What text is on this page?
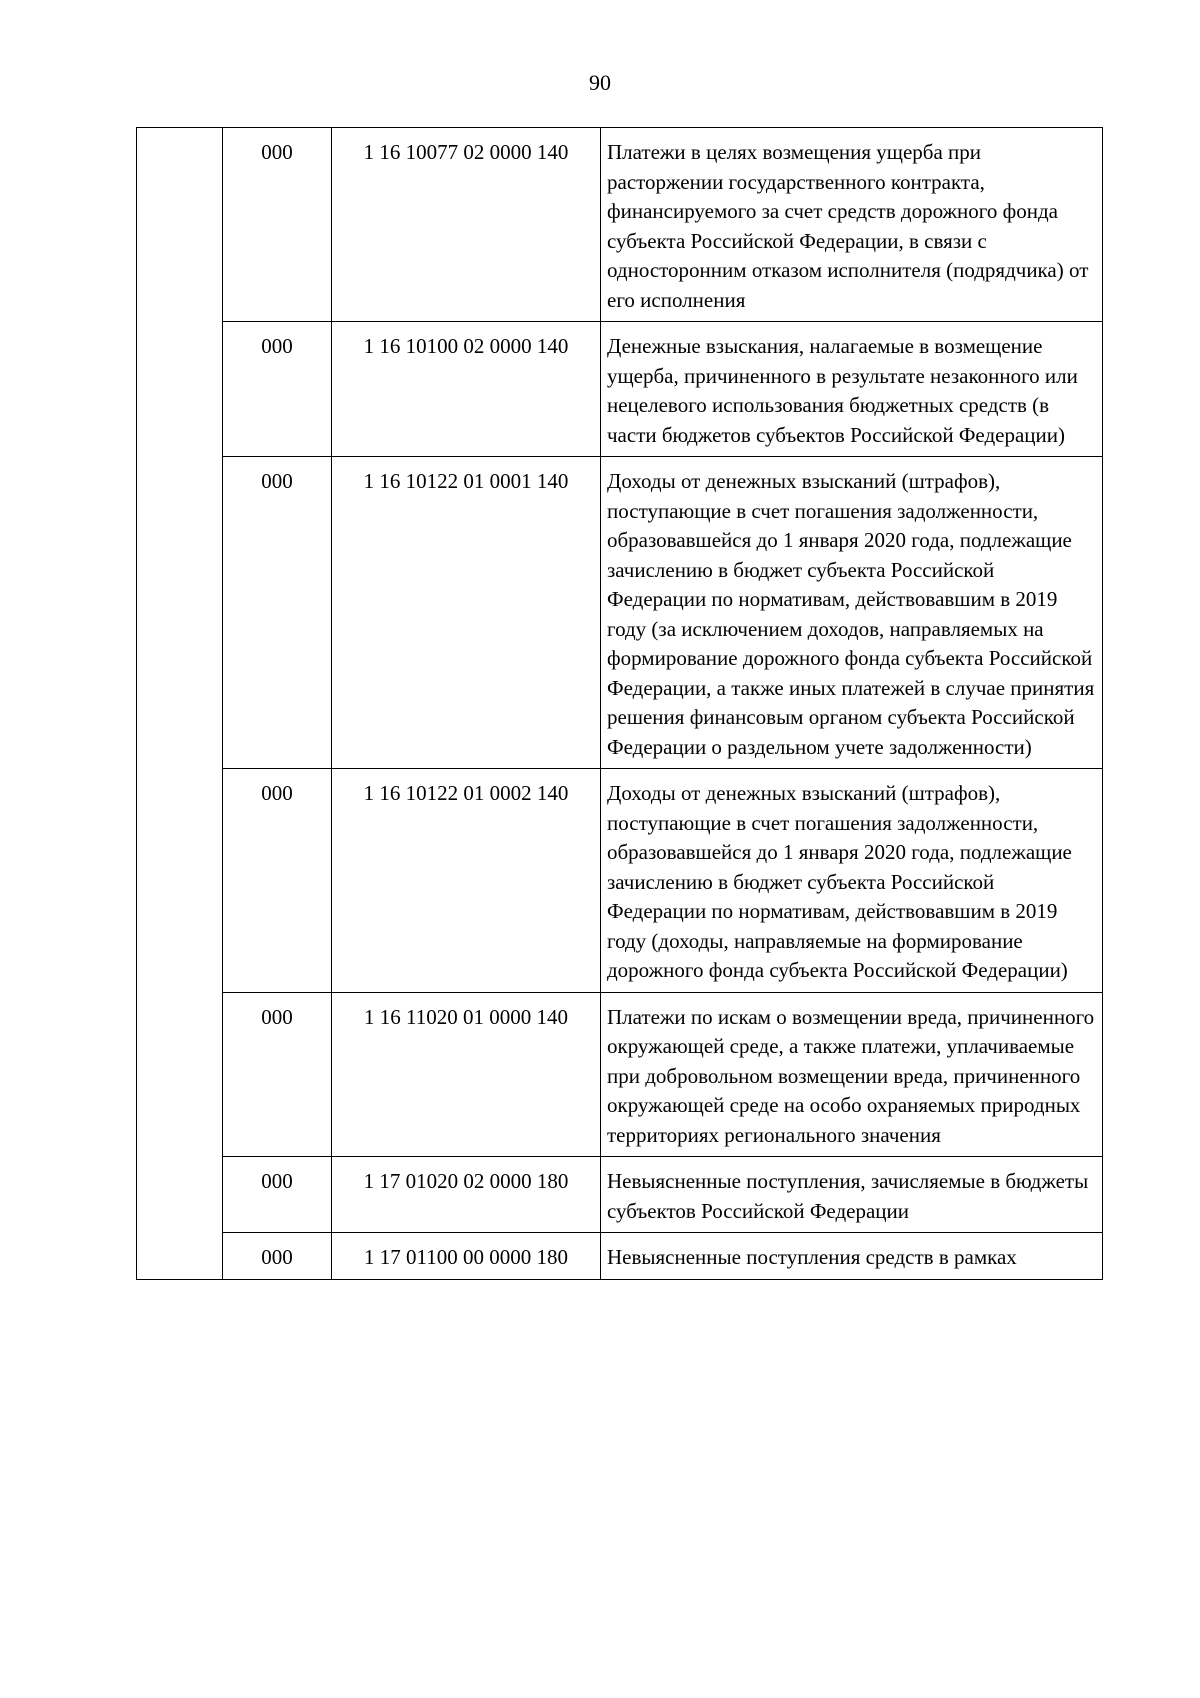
90
	000	1 16 10077 02 0000 140	Платежи в целях возмещения ущерба при расторжении государственного контракта, финансируемого за счет средств дорожного фонда субъекта Российской Федерации, в связи с односторонним отказом исполнителя (подрядчика) от его исполнения
	000	1 16 10100 02 0000 140	Денежные взыскания, налагаемые в возмещение ущерба, причиненного в результате незаконного или нецелевого использования бюджетных средств (в части бюджетов субъектов Российской Федерации)
	000	1 16 10122 01 0001 140	Доходы от денежных взысканий (штрафов), поступающие в счет погашения задолженности, образовавшейся до 1 января 2020 года, подлежащие зачислению в бюджет субъекта Российской Федерации по нормативам, действовавшим в 2019 году (за исключением доходов, направляемых на формирование дорожного фонда субъекта Российской Федерации, а также иных платежей в случае принятия решения финансовым органом субъекта Российской Федерации о раздельном учете задолженности)
	000	1 16 10122 01 0002 140	Доходы от денежных взысканий (штрафов), поступающие в счет погашения задолженности, образовавшейся до 1 января 2020 года, подлежащие зачислению в бюджет субъекта Российской Федерации по нормативам, действовавшим в 2019 году (доходы, направляемые на формирование дорожного фонда субъекта Российской Федерации)
	000	1 16 11020 01 0000 140	Платежи по искам о возмещении вреда, причиненного окружающей среде, а также платежи, уплачиваемые при добровольном возмещении вреда, причиненного окружающей среде на особо охраняемых природных территориях регионального значения
	000	1 17 01020 02 0000 180	Невыясненные поступления, зачисляемые в бюджеты субъектов Российской Федерации
	000	1 17 01100 00 0000 180	Невыясненные поступления средств в рамках
